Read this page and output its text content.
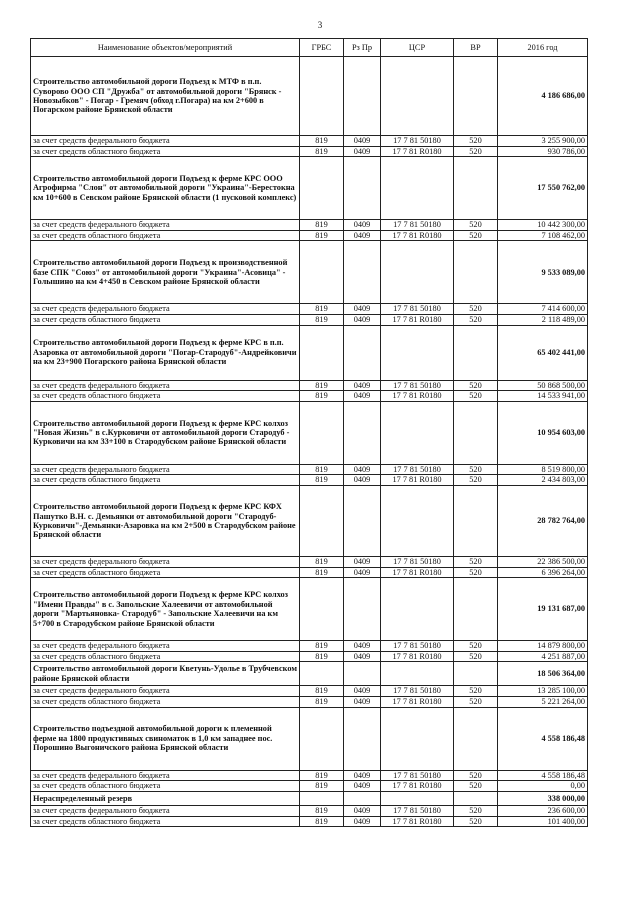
3
Наименование объектов/мероприятий	ГРБС	Рз Пр	ЦСР	ВР	2016 год
Строительство автомобильной дороги Подъезд к МТФ в п.п. Суворово ООО СП "Дружба" от автомобильной дороги "Брянск - Новозыбков" - Погар - Гремяч (обход г.Погара) на км 2+600 в Погарском районе Брянской области					4 186 686,00
за счет средств федерального бюджета	819	0409	17 7 81 50180	520	3 255 900,00
за счет средств областного бюджета	819	0409	17 7 81 R0180	520	930 786,00
Строительство автомобильной дороги Подъезд к ферме КРС ООО Агрофирма "Слон" от автомобильной дороги "Украина"-Берестокна км 10+600 в Севском районе Брянской области (1 пусковой комплекс)					17 550 762,00
за счет средств федерального бюджета	819	0409	17 7 81 50180	520	10 442 300,00
за счет средств областного бюджета	819	0409	17 7 81 R0180	520	7 108 462,00
Строительство автомобильной дороги Подъезд к производственной базе СПК "Союз" от автомобильной дороги "Украина"-Асовица" - Голышино на км 4+450 в Севском районе Брянской области					9 533 089,00
за счет средств федерального бюджета	819	0409	17 7 81 50180	520	7 414 600,00
за счет средств областного бюджета	819	0409	17 7 81 R0180	520	2 118 489,00
Строительство автомобильной дороги Подъезд к ферме КРС в п.п. Азаровка от автомобильной дороги "Погар-Стародуб"-Андрейковичи на км 23+900 Погарского района Брянской области					65 402 441,00
за счет средств федерального бюджета	819	0409	17 7 81 50180	520	50 868 500,00
за счет средств областного бюджета	819	0409	17 7 81 R0180	520	14 533 941,00
Строительство автомобильной дороги Подъезд к ферме КРС колхоз "Новая Жизнь" в с.Курковичи от автомобильной дороги Стародуб - Курковичи на км 33+100 в Стародубском районе Брянской области					10 954 603,00
за счет средств федерального бюджета	819	0409	17 7 81 50180	520	8 519 800,00
за счет средств областного бюджета	819	0409	17 7 81 R0180	520	2 434 803,00
Строительство автомобильной дороги Подъезд к ферме КРС КФХ Пашутко В.Н. с. Демьянки от автомобильной дороги "Стародуб-Курковичи"-Демьянки-Азаровка на км 2+500 в Стародубском районе Брянской области					28 782 764,00
за счет средств федерального бюджета	819	0409	17 7 81 50180	520	22 386 500,00
за счет средств областного бюджета	819	0409	17 7 81 R0180	520	6 396 264,00
Строительство автомобильной дороги Подъезд к ферме КРС колхоз "Имени Правды" в с. Запольские Халеевичи от автомобильной дороги "Мартьяновка- Стародуб" - Запольские Халеевичи на км 5+700 в Стародубском районе Брянской области					19 131 687,00
за счет средств федерального бюджета	819	0409	17 7 81 50180	520	14 879 800,00
за счет средств областного бюджета	819	0409	17 7 81 R0180	520	4 251 887,00
Строительство автомобильной дороги Кветунь-Удолье в Трубчевском районе Брянской области					18 506 364,00
за счет средств федерального бюджета	819	0409	17 7 81 50180	520	13 285 100,00
за счет средств областного бюджета	819	0409	17 7 81 R0180	520	5 221 264,00
Строительство подъездной автомобильной дороги к племенной ферме на 1800 продуктивных свиноматок в 1,0 км западнее пос. Порошино Выгоничского района Брянской области					4 558 186,48
за счет средств федерального бюджета	819	0409	17 7 81 50180	520	4 558 186,48
за счет средств областного бюджета	819	0409	17 7 81 R0180	520	0,00
Нераспределенный резерв					338 000,00
за счет средств федерального бюджета	819	0409	17 7 81 50180	520	236 600,00
за счет средств областного бюджета	819	0409	17 7 81 R0180	520	101 400,00
